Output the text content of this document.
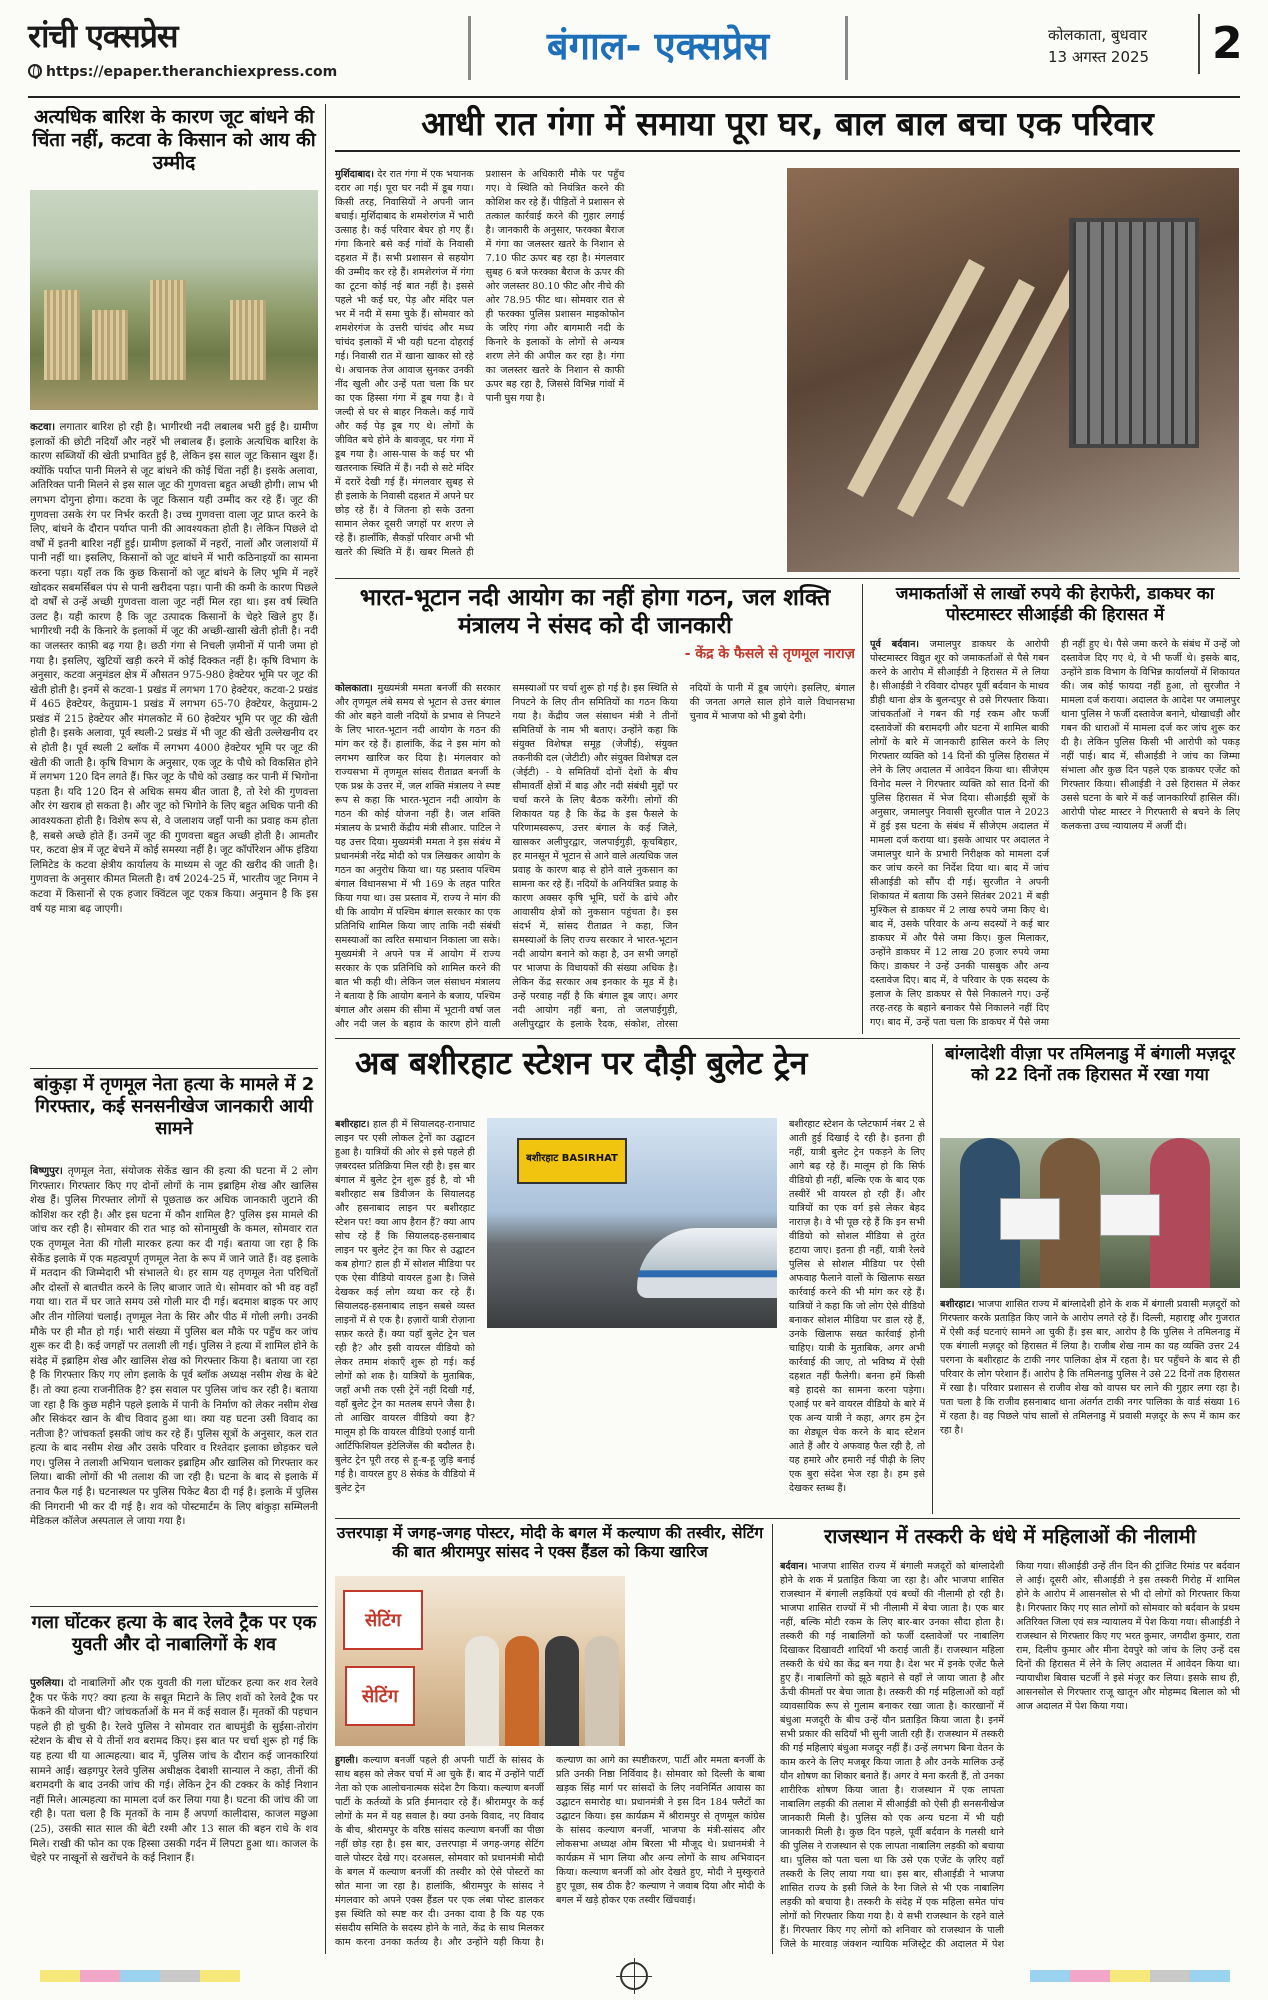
रांची एक्सप्रेस
https://epaper.theranchiexpress.com
बंगाल- एक्सप्रेस	कोलकाता, बुधवार
13 अगस्त 2025	2
अत्यधिक बारिश के कारण जूट बांधने की चिंता नहीं, कटवा के किसान को आय की उम्मीद
कटवा। लगातार बारिश हो रही है। भागीरथी नदी लबालब भरी हुई है। ग्रामीण इलाकों की छोटी नदियाँ और नहरें भी लबालब हैं। इलाके अत्यधिक बारिश के कारण सब्जियों की खेती प्रभावित हुई है, लेकिन इस साल जूट किसान खुश हैं। क्योंकि पर्याप्त पानी मिलने से जूट बांधने की कोई चिंता नहीं है। इसके अलावा, अतिरिक्त पानी मिलने से इस साल जूट की गुणवत्ता बहुत अच्छी होगी। लाभ भी लगभग दोगुना होगा। कटवा के जूट किसान यही उम्मीद कर रहे हैं। जूट की गुणवत्ता उसके रंग पर निर्भर करती है। उच्च गुणवत्ता वाला जूट प्राप्त करने के लिए, बांधने के दौरान पर्याप्त पानी की आवश्यकता होती है। लेकिन पिछले दो वर्षों में इतनी बारिश नहीं हुई। ग्रामीण इलाकों में नहरों, नालों और जलाशयों में पानी नहीं था। इसलिए, किसानों को जूट बांधने में भारी कठिनाइयों का सामना करना पड़ा। यहाँ तक कि कुछ किसानों को जूट बांधने के लिए भूमि में नहरें खोदकर सबमर्सिबल पंप से पानी खरीदना पड़ा। पानी की कमी के कारण पिछले दो वर्षों से उन्हें अच्छी गुणवत्ता वाला जूट नहीं मिल रहा था। इस वर्ष स्थिति उलट है। यही कारण है कि जूट उत्पादक किसानों के चेहरे खिले हुए हैं। भागीरथी नदी के किनारे के इलाकों में जूट की अच्छी-खासी खेती होती है। नदी का जलस्तर काफ़ी बढ़ गया है। छठी गंगा से निचली ज़मीनों में पानी जमा हो गया है। इसलिए, खुटियों खड़ी करने में कोई दिक्कत नहीं है। कृषि विभाग के अनुसार, कटवा अनुमंडल क्षेत्र में औसतन 975-980 हेक्टेयर भूमि पर जूट की खेती होती है। इनमें से कटवा-1 प्रखंड में लगभग 170 हेक्टेयर, कटवा-2 प्रखंड में 465 हेक्टेयर, केतुग्राम-1 प्रखंड में लगभग 65-70 हेक्टेयर, केतुग्राम-2 प्रखंड में 215 हेक्टेयर और मंगलकोट में 60 हेक्टेयर भूमि पर जूट की खेती होती है। इसके अलावा, पूर्व स्थली-2 प्रखंड में भी जूट की खेती उल्लेखनीय दर से होती है। पूर्व स्थली 2 ब्लॉक में लगभग 4000 हेक्टेयर भूमि पर जूट की खेती की जाती है। कृषि विभाग के अनुसार, एक जूट के पौधे को विकसित होने में लगभग 120 दिन लगते हैं। फिर जूट के पौधे को उखाड़ कर पानी में भिगोना पड़ता है। यदि 120 दिन से अधिक समय बीत जाता है, तो रेशे की गुणवत्ता और रंग खराब हो सकता है। और जूट को भिगोने के लिए बहुत अधिक पानी की आवश्यकता होती है। विशेष रूप से, वे जलाशय जहाँ पानी का प्रवाह कम होता है, सबसे अच्छे होते हैं। उनमें जूट की गुणवत्ता बहुत अच्छी होती है। आमतौर पर, कटवा क्षेत्र में जूट बेचने में कोई समस्या नहीं है। जूट कॉर्पोरेशन ऑफ इंडिया लिमिटेड के कटवा क्षेत्रीय कार्यालय के माध्यम से जूट की खरीद की जाती है। गुणवत्ता के अनुसार कीमत मिलती है। वर्ष 2024-25 में, भारतीय जूट निगम ने कटवा में किसानों से एक हजार क्विंटल जूट एकत्र किया। अनुमान है कि इस वर्ष यह मात्रा बढ़ जाएगी।
बांकुड़ा में तृणमूल नेता हत्या के मामले में 2 गिरफ्तार, कई सनसनीखेज जानकारी आयी सामने
बिष्णुपुर। तृणमूल नेता, संयोजक सेकेंड खान की हत्या की घटना में 2 लोग गिरफ्तार। गिरफ्तार किए गए दोनों लोगों के नाम इब्राहिम शेख और खालिस शेख हैं। पुलिस गिरफ्तार लोगों से पूछताछ कर अधिक जानकारी जुटाने की कोशिश कर रही है। और इस घटना में कौन शामिल है? पुलिस इस मामले की जांच कर रही है। सोमवार की रात भाड़ को सोनामुखी के कमल, सोमवार रात एक तृणमूल नेता की गोली मारकर हत्या कर दी गई। बताया जा रहा है कि सेकेंड इलाके में एक महत्वपूर्ण तृणमूल नेता के रूप में जाने जाते हैं। वह इलाके में मतदान की जिम्मेदारी भी संभालते थे। हर साम यह तृणमूल नेता परिचितों और दोस्तों से बातचीत करने के लिए बाजार जाते थे। सोमवार को भी वह वहाँ गया था। रात में घर जाते समय उसे गोली मार दी गई। बदमाश बाइक पर आए और तीन गोलियां चलाईं। तृणमूल नेता के सिर और पीठ में गोली लगी। उनकी मौके पर ही मौत हो गई। भारी संख्या में पुलिस बल मौके पर पहुँच कर जांच शुरू कर दी है। कई जगहों पर तलाशी ली गई। पुलिस ने हत्या में शामिल होने के संदेह में इब्राहिम शेख और खालिस शेख को गिरफ्तार किया है। बताया जा रहा है कि गिरफ्तार किए गए लोग इलाके के पूर्व ब्लॉक अध्यक्ष नसीम शेख के बेटे हैं। तो क्या हत्या राजनीतिक है? इस सवाल पर पुलिस जांच कर रही है। बताया जा रहा है कि कुछ महीने पहले इलाके में पानी के निर्माण को लेकर नसीम शेख और सिकंदर खान के बीच विवाद हुआ था। क्या यह घटना उसी विवाद का नतीजा है? जांचकर्ता इसकी जांच कर रहे हैं। पुलिस सूत्रों के अनुसार, कल रात हत्या के बाद नसीम शेख और उसके परिवार व रिश्तेदार इलाका छोड़कर चले गए। पुलिस ने तलाशी अभियान चलाकर इब्राहिम और खालिस को गिरफ्तार कर लिया। बाकी लोगों की भी तलाश की जा रही है। घटना के बाद से इलाके में तनाव फैल गई है। घटनास्थल पर पुलिस पिकेट बैठा दी गई है। इलाके में पुलिस की निगरानी भी कर दी गई है। शव को पोस्टमार्टम के लिए बांकुड़ा सम्मिलनी मेडिकल कॉलेज अस्पताल ले जाया गया है।
गला घोंटकर हत्या के बाद रेलवे ट्रैक पर एक युवती और दो नाबालिगों के शव
पुरुलिया। दो नाबालिगों और एक युवती की गला घोंटकर हत्या कर शव रेलवे ट्रैक पर फेंके गए? क्या हत्या के सबूत मिटाने के लिए शवों को रेलवे ट्रैक पर फेंकने की योजना थी? जांचकर्ताओं के मन में कई सवाल हैं। मृतकों की पहचान पहले ही हो चुकी है। रेलवे पुलिस ने सोमवार रात बाघमुंडी के सुईसा-तोरांग स्टेशन के बीच से ये तीनों शव बरामद किए। इस बात पर चर्चा शुरू हो गई कि यह हत्या थी या आत्महत्या। बाद में, पुलिस जांच के दौरान कई जानकारियां सामने आईं। खड़गपुर रेलवे पुलिस अधीक्षक देबाशी सान्याल ने कहा, तीनों की बरामदगी के बाद उनकी जांच की गई। लेकिन ट्रेन की टक्कर के कोई निशान नहीं मिले। आत्महत्या का मामला दर्ज कर लिया गया है। घटना की जांच की जा रही है। पता चला है कि मृतकों के नाम हैं अपर्णा कालीदास, काजल मछुआ (25), उसकी सात साल की बेटी रश्मी और 13 साल की बहन राधे के शव मिले। राखी की फोन का एक हिस्सा उसकी गर्दन में लिपटा हुआ था। काजल के चेहरे पर नाखूनों से खरोंचने के कई निशान हैं।
आधी रात गंगा में समाया पूरा घर, बाल बाल बचा एक परिवार
मुर्शिदाबाद। देर रात गंगा में एक भयानक दरार आ गई। पूरा घर नदी में डूब गया। किसी तरह, निवासियों ने अपनी जान बचाई। मुर्शिदाबाद के शमशेरगंज में भारी उत्साह है। कई परिवार बेघर हो गए हैं। गंगा किनारे बसे कई गांवों के निवासी दहशत में हैं। सभी प्रशासन से सहयोग की उम्मीद कर रहे हैं। शमशेरगंज में गंगा का टूटना कोई नई बात नहीं है। इससे पहले भी कई घर, पेड़ और मंदिर पल भर में नदी में समा चुके हैं। सोमवार को शमशेरगंज के उत्तरी चांचंद और मध्य चांचंद इलाकों में भी यही घटना दोहराई गई। निवासी रात में खाना खाकर सो रहे थे। अचानक तेज आवाज सुनकर उनकी नींद खुली और उन्हें पता चला कि घर का एक हिस्सा गंगा में डूब गया है। वे जल्दी से घर से बाहर निकले। कई गायें और कई पेड़ डूब गए थे। लोगों के जीवित बचे होने के बावजूद, घर गंगा में डूब गया है। आस-पास के कई घर भी खतरनाक स्थिति में हैं। नदी से सटे मंदिर में दरारें देखी गई हैं। मंगलवार सुबह से ही इलाके के निवासी दहशत में अपने घर छोड़ रहे हैं। वे जितना हो सके उतना सामान लेकर दूसरी जगहों पर शरण ले रहे हैं। हालाँकि, सैकड़ों परिवार अभी भी खतरे की स्थिति में हैं। खबर मिलते ही प्रशासन के अधिकारी मौके पर पहुँच गए। वे स्थिति को नियंत्रित करने की कोशिश कर रहे हैं। पीड़ितों ने प्रशासन से तत्काल कार्रवाई करने की गुहार लगाई है। जानकारी के अनुसार, फरक्का बैराज में गंगा का जलस्तर खतरे के निशान से 7.10 फीट ऊपर बह रहा है। मंगलवार सुबह 6 बजे फरक्का बैराज के ऊपर की ओर जलस्तर 80.10 फीट और नीचे की ओर 78.95 फीट था। सोमवार रात से ही फरक्का पुलिस प्रशासन माइकोफोन के जरिए गंगा और बागमारी नदी के किनारे के इलाकों के लोगों से अन्यत्र शरण लेने की अपील कर रहा है। गंगा का जलस्तर खतरे के निशान से काफी ऊपर बह रहा है, जिससे विभिन्न गांवों में पानी घुस गया है।
भारत-भूटान नदी आयोग का नहीं होगा गठन, जल शक्ति मंत्रालय ने संसद को दी जानकारी
- केंद्र के फैसले से तृणमूल नाराज़
कोलकाता। मुख्यमंत्री ममता बनर्जी की सरकार और तृणमूल लंबे समय से भूटान से उत्तर बंगाल की ओर बहने वाली नदियों के प्रभाव से निपटने के लिए भारत-भूटान नदी आयोग के गठन की मांग कर रहे हैं। हालांकि, केंद्र ने इस मांग को लगभग खारिज कर दिया है। मंगलवार को राज्यसभा में तृणमूल सांसद रीताव्रत बनर्जी के एक प्रश्न के उत्तर में, जल शक्ति मंत्रालय ने स्पष्ट रूप से कहा कि भारत-भूटान नदी आयोग के गठन की कोई योजना नहीं है। जल शक्ति मंत्रालय के प्रभारी केंद्रीय मंत्री सीआर. पाटिल ने यह उत्तर दिया। मुख्यमंत्री ममता ने इस संबंध में प्रधानमंत्री नरेंद्र मोदी को पत्र लिखकर आयोग के गठन का अनुरोध किया था। यह प्रस्ताव पश्चिम बंगाल विधानसभा में भी 169 के तहत पारित किया गया था। उस प्रस्ताव में, राज्य ने मांग की थी कि आयोग में पश्चिम बंगाल सरकार का एक प्रतिनिधि शामिल किया जाए ताकि नदी संबंधी समस्याओं का त्वरित समाधान निकाला जा सके। मुख्यमंत्री ने अपने पत्र में आयोग में राज्य सरकार के एक प्रतिनिधि को शामिल करने की बात भी कही थी। लेकिन जल संसाधन मंत्रालय ने बताया है कि आयोग बनाने के बजाय, पश्चिम बंगाल और असम की सीमा में भूटानी वर्षा जल और नदी जल के बहाव के कारण होने वाली समस्याओं पर चर्चा शुरू हो गई है। इस स्थिति से निपटने के लिए तीन समितियों का गठन किया गया है। केंद्रीय जल संसाधन मंत्री ने तीनों समितियों के नाम भी बताए। उन्होंने कहा कि संयुक्त विशेषज्ञ समूह (जेजीई), संयुक्त तकनीकी दल (जेटीटी) और संयुक्त विशेषज्ञ दल (जेईटी) - ये समितियाँ दोनों देशों के बीच सीमावर्ती क्षेत्रों में बाढ़ और नदी संबंधी मुद्दों पर चर्चा करने के लिए बैठक करेंगी। लोगों की शिकायत यह है कि केंद्र के इस फैसले के परिणामस्वरूप, उत्तर बंगाल के कई जिले, खासकर अलीपुरद्वार, जलपाईगुड़ी, कूचबिहार, हर मानसून में भूटान से आने वाले अत्यधिक जल प्रवाह के कारण बाढ़ से होने वाले नुकसान का सामना कर रहे हैं। नदियों के अनियंत्रित प्रवाह के कारण अक्सर कृषि भूमि, घरों के ढांचे और आवासीय क्षेत्रों को नुकसान पहुंचता है। इस संदर्भ में, सांसद रीताव्रत ने कहा, जिन समस्याओं के लिए राज्य सरकार ने भारत-भूटान नदी आयोग बनाने को कहा है, उन सभी जगहों पर भाजपा के विधायकों की संख्या अधिक है। लेकिन केंद्र सरकार अब इनकार के मूड में है। उन्हें परवाह नहीं है कि बंगाल डूब जाए। अगर नदी आयोग नहीं बना, तो जलपाईगुड़ी, अलीपुरद्वार के इलाके रैदक, संकोश, तोरसा नदियों के पानी में डूब जाएंगे। इसलिए, बंगाल की जनता अगले साल होने वाले विधानसभा चुनाव में भाजपा को भी डुबो देगी।
जमाकर्ताओं से लाखों रुपये की हेराफेरी, डाकघर का पोस्टमास्टर सीआईडी की हिरासत में
पूर्व बर्दवान। जमालपुर डाकघर के आरोपी पोस्टमास्टर विद्युत शूर को जमाकर्ताओं से पैसे गबन करने के आरोप में सीआईडी ने हिरासत में ले लिया है। सीआईडी ने रविवार दोपहर पूर्वी बर्दवान के माधव डीही थाना क्षेत्र के बुलन्दपुर से उसे गिरफ्तार किया। जांचकर्ताओं ने गबन की गई रकम और फर्जी दस्तावेजों की बरामदगी और घटना में शामिल बाकी लोगों के बारे में जानकारी हासिल करने के लिए गिरफ्तार व्यक्ति को 14 दिनों की पुलिस हिरासत में लेने के लिए अदालत में आवेदन किया था। सीजेएम विनोद मल्ल ने गिरफ्तार व्यक्ति को सात दिनों की पुलिस हिरासत में भेज दिया। सीआईडी सूत्रों के अनुसार, जमालपुर निवासी सुरजीत पाल ने 2023 में हुई इस घटना के संबंध में सीजेएम अदालत में मामला दर्ज कराया था। इसके आधार पर अदालत ने जमालपुर थाने के प्रभारी निरीक्षक को मामला दर्ज कर जांच करने का निर्देश दिया था। बाद में जांच सीआईडी को सौंप दी गई। सुरजीत ने अपनी शिकायत में बताया कि उसने सितंबर 2021 में बड़ी मुश्किल से डाकघर में 2 लाख रुपये जमा किए थे। बाद में, उसके परिवार के अन्य सदस्यों ने कई बार डाकघर में और पैसे जमा किए। कुल मिलाकर, उन्होंने डाकघर में 12 लाख 20 हजार रुपये जमा किए। डाकघर ने उन्हें उनकी पासबुक और अन्य दस्तावेज दिए। बाद में, वे परिवार के एक सदस्य के इलाज के लिए डाकघर से पैसे निकालने गए। उन्हें तरह-तरह के बहाने बनाकर पैसे निकालने नहीं दिए गए। बाद में, उन्हें पता चला कि डाकघर में पैसे जमा ही नहीं हुए थे। पैसे जमा करने के संबंध में उन्हें जो दस्तावेज दिए गए थे, वे भी फर्जी थे। इसके बाद, उन्होंने डाक विभाग के विभिन्न कार्यालयों में शिकायत की। जब कोई फायदा नहीं हुआ, तो सुरजीत ने मामला दर्ज कराया। अदालत के आदेश पर जमालपुर थाना पुलिस ने फर्जी दस्तावेज बनाने, धोखाधड़ी और गबन की धाराओं में मामला दर्ज कर जांच शुरू कर दी है। लेकिन पुलिस किसी भी आरोपी को पकड़ नहीं पाई। बाद में, सीआईडी ने जांच का जिम्मा संभाला और कुछ दिन पहले एक डाकघर एजेंट को गिरफ्तार किया। सीआईडी ने उसे हिरासत में लेकर उससे घटना के बारे में कई जानकारियाँ हासिल कीं। आरोपी पोस्ट मास्टर ने गिरफ्तारी से बचने के लिए कलकत्ता उच्च न्यायालय में अर्जी दी।
अब बशीरहाट स्टेशन पर दौड़ी बुलेट ट्रेन
बशीरहाट। हाल ही में सियालदह-रानाघाट लाइन पर एसी लोकल ट्रेनों का उद्घाटन हुआ है। यात्रियों की ओर से इसे पहले ही ज़बरदस्त प्रतिक्रिया मिल रही है। इस बार बंगाल में बुलेट ट्रेन शुरू हुई है, वो भी बशीरहाट सब डिवीजन के सियालदह और हसनाबाद लाइन पर बशीरहाट स्टेशन पर! क्या आप हैरान हैं? क्या आप सोच रहे हैं कि सियालदह-हसनाबाद लाइन पर बुलेट ट्रेन का फिर से उद्घाटन कब होगा? हाल ही में सोशल मीडिया पर एक ऐसा वीडियो वायरल हुआ है। जिसे देखकर कई लोग व्यथा कर रहे हैं। सियालदह-हसनाबाद लाइन सबसे व्यस्त लाइनों में से एक है। हज़ारों यात्री रोज़ाना सफ़र करते हैं। क्या यहाँ बुलेट ट्रेन चल रही है? और इसी वायरल वीडियो को लेकर तमाम शंकाएँ शुरू हो गई। कई लोगों को शक है। यात्रियों के मुताबिक, जहाँ अभी तक एसी ट्रेनें नहीं दिखी गईं, वहाँ बुलेट ट्रेन का मतलब सपने जैसा है। तो आखिर वायरल वीडियो क्या है? मालूम हो कि वायरल वीडियो एआई यानी आर्टिफिशियल इंटेलिजेंस की बदौलत है। बुलेट ट्रेन पूरी तरह से हू-ब-हू जुड़ि बनाई गई है। वायरल हुए 8 सेकंड के वीडियो में बुलेट ट्रेन
बशीरहाट BASIRHAT
बशीरहाट स्टेशन के प्लेटफार्म नंबर 2 से आती हुई दिखाई दे रही है। इतना ही नहीं, यात्री बुलेट ट्रेन पकड़ने के लिए आगे बढ़ रहे हैं। मालूम हो कि सिर्फ वीडियो ही नहीं, बल्कि एक के बाद एक तस्वीरें भी वायरल हो रही हैं। और यात्रियों का एक वर्ग इसे लेकर बेहद नाराज़ है। वे भी पूछ रहे हैं कि इन सभी वीडियो को सोशल मीडिया से तुरंत हटाया जाए। इतना ही नहीं, यात्री रेलवे पुलिस से सोशल मीडिया पर ऐसी अफवाह फैलाने वालों के खिलाफ सख्त कार्रवाई करने की भी मांग कर रहे हैं। यात्रियों ने कहा कि जो लोग ऐसे वीडियो बनाकर सोशल मीडिया पर डाल रहे हैं, उनके खिलाफ सख्त कार्रवाई होनी चाहिए। यात्री के मुताबिक, अगर अभी कार्रवाई की जाए, तो भविष्य में ऐसी दहशत नहीं फैलेगी। बनना हमें किसी बड़े हादसे का सामना करना पड़ेगा। एआई पर बने वायरल वीडियो के बारे में एक अन्य यात्री ने कहा, अगर हम ट्रेन का शेड्यूल चेक करने के बाद स्टेशन आते हैं और ये अफवाह फैल रही है, तो यह हमारे और हमारी नई पीढ़ी के लिए एक बुरा संदेश भेज रहा है। हम इसे देखकर स्तब्ध हैं।
बांग्लादेशी वीज़ा पर तमिलनाडु में बंगाली मज़दूर को 22 दिनों तक हिरासत में रखा गया
बशीरहाट। भाजपा शासित राज्य में बांग्लादेशी होने के शक में बंगाली प्रवासी मज़दूरों को गिरफ्तार करके प्रताड़ित किए जाने के आरोप लगते रहे हैं। दिल्ली, महाराष्ट्र और गुजरात में ऐसी कई घटनाएं सामने आ चुकी हैं। इस बार, आरोप है कि पुलिस ने तमिलनाडु में एक बंगाली मज़दूर को हिरासत में लिया है। राजीब शेख नाम का यह व्यक्ति उत्तर 24 परगना के बशीरहाट के टाकी नगर पालिका क्षेत्र में रहता है। घर पहुँचने के बाद से ही परिवार के लोग परेशान हैं। आरोप है कि तमिलनाडु पुलिस ने उसे 22 दिनों तक हिरासत में रखा है। परिवार प्रशासन से राजीव शेख को वापस घर लाने की गुहार लगा रहा है। पता चला है कि राजीव हसनाबाद थाना अंतर्गत टाकी नगर पालिका के वार्ड संख्या 16 में रहता है। वह पिछले पांच सालों से तमिलनाडु में प्रवासी मज़दूर के रूप में काम कर रहा है।
उत्तरपाड़ा में जगह-जगह पोस्टर, मोदी के बगल में कल्याण की तस्वीर, सेटिंग की बात श्रीरामपुर सांसद ने एक्स हैंडल को किया खारिज
सेटिंग
सेटिंग
हुगली। कल्याण बनर्जी पहले ही अपनी पार्टी के सांसद के साथ बहस को लेकर चर्चा में आ चुके हैं। बाद में उन्होंने पार्टी नेता को एक आलोचनात्मक संदेश टैग किया। कल्याण बनर्जी पार्टी के कर्तव्यों के प्रति ईमानदार रहे हैं। श्रीरामपुर के कई लोगों के मन में यह सवाल है। क्या उनके विवाद, नए विवाद के बीच, श्रीरामपुर के वरिष्ठ सांसद कल्याण बनर्जी का पीछा नहीं छोड़ रहा है। इस बार, उत्तरपाड़ा में जगह-जगह सेटिंग वाले पोस्टर देखे गए। दरअसल, सोमवार को प्रधानमंत्री मोदी के बगल में कल्याण बनर्जी की तस्वीर को ऐसे पोस्टरों का स्रोत माना जा रहा है। हालांकि, श्रीरामपुर के सांसद ने मंगलवार को अपने एक्स हैंडल पर एक लंबा पोस्ट डालकर इस स्थिति को स्पष्ट कर दी। उनका दावा है कि यह एक संसदीय समिति के सदस्य होने के नाते, केंद्र के साथ मिलकर काम करना उनका कर्तव्य है। और उन्होंने यही किया है। कल्याण का आगे का स्पष्टीकरण, पार्टी और ममता बनर्जी के प्रति उनकी निष्ठा निर्विवाद है। सोमवार को दिल्ली के बाबा खड़क सिंह मार्ग पर सांसदों के लिए नवनिर्मित आवास का उद्घाटन समारोह था। प्रधानमंत्री ने इस दिन 184 फ्लैटों का उद्घाटन किया। इस कार्यक्रम में श्रीरामपुर से तृणमूल कांग्रेस के सांसद कल्याण बनर्जी, भाजपा के मंत्री-सांसद और लोकसभा अध्यक्ष ओम बिरला भी मौजूद थे। प्रधानमंत्री ने कार्यक्रम में भाग लिया और अन्य लोगों के साथ अभिवादन किया। कल्याण बनर्जी को ओर देखते हुए, मोदी ने मुस्कुराते हुए पूछा, सब ठीक है? कल्याण ने जवाब दिया और मोदी के बगल में खड़े होकर एक तस्वीर खिंचवाई।
राजस्थान में तस्करी के धंधे में महिलाओं की नीलामी
बर्दवान। भाजपा शासित राज्य में बंगाली मजदूरों को बांग्लादेशी होने के शक में प्रताड़ित किया जा रहा है। और भाजपा शासित राजस्थान में बंगाली लड़कियों एवं बच्चों की नीलामी हो रही है। भाजपा शासित राज्यों में भी नीलामी में बेचा जाता है। एक बार नहीं, बल्कि मोटी रकम के लिए बार-बार उनका सौदा होता है। तस्करी की गई नाबालिगों को फर्जी दस्तावेजों पर नाबालिग दिखाकर दिखावटी शादियाँ भी कराई जाती हैं। राजस्थान महिला तस्करी के धंधे का केंद्र बन गया है। देश भर में इनके एजेंट फैले हुए हैं। नाबालिगों को झूठे बहाने से वहाँ ले जाया जाता है और ऊँची कीमतों पर बेचा जाता है। तस्करी की गई महिलाओं को वहाँ व्यावसायिक रूप से गुलाम बनाकर रखा जाता है। कारखानों में बंधुआ मजदूरी के बीच उन्हें यौन प्रताड़ित किया जाता है। इनमें सभी प्रकार की सदियाँ भी सुनी जाती रही हैं। राजस्थान में तस्करी की गई महिलाएं बंधुआ मजदूर नहीं हैं। उन्हें लगभग बिना वेतन के काम करने के लिए मजबूर किया जाता है और उनके मालिक उन्हें यौन शोषण का शिकार बनाते हैं। अगर वे मना करती हैं, तो उनका शारीरिक शोषण किया जाता है। राजस्थान में एक लापता नाबालिग लड़की की तलाश में सीआईडी को ऐसी ही सनसनीखेज जानकारी मिली है। पुलिस को एक अन्य घटना में भी यही जानकारी मिली है। कुछ दिन पहले, पूर्वी बर्दवान के गलसी थाने की पुलिस ने राजस्थान से एक लापता नाबालिग लड़की को बचाया था। पुलिस को पता चला था कि उसे एक एजेंट के ज़रिए वहाँ तस्करी के लिए लाया गया था। इस बार, सीआईडी ने भाजपा शासित राज्य के इसी जिले के रैना जिले से भी एक नाबालिग लड़की को बचाया है। तस्करी के संदेह में एक महिला समेत पांच लोगों को गिरफ्तार किया गया है। ये सभी राजस्थान के रहने वाले हैं। गिरफ्तार किए गए लोगों को शनिवार को राजस्थान के पाली जिले के मारवाड़ जंक्शन न्यायिक मजिस्ट्रेट की अदालत में पेश किया गया। सीआईडी उन्हें तीन दिन की ट्रांजिट रिमांड पर बर्दवान ले आई। दूसरी ओर, सीआईडी ने इस तस्करी गिरोह में शामिल होने के आरोप में आसनसोल से भी दो लोगों को गिरफ्तार किया है। गिरफ्तार किए गए सात लोगों को सोमवार को बर्दवान के प्रथम अतिरिक्त जिला एवं सत्र न्यायालय में पेश किया गया। सीआईडी ने राजस्थान से गिरफ्तार किए गए भरत कुमार, जगदीश कुमार, राता राम, दिलीप कुमार और मीना देवपुरे को जांच के लिए उन्हें दस दिनों की हिरासत में लेने के लिए अदालत में आवेदन किया था। न्यायाधीश बिवास चटर्जी ने इसे मंजूर कर लिया। इसके साथ ही, आसनसोल से गिरफ्तार राजू खातून और मोहम्मद बिलाल को भी आज अदालत में पेश किया गया।
